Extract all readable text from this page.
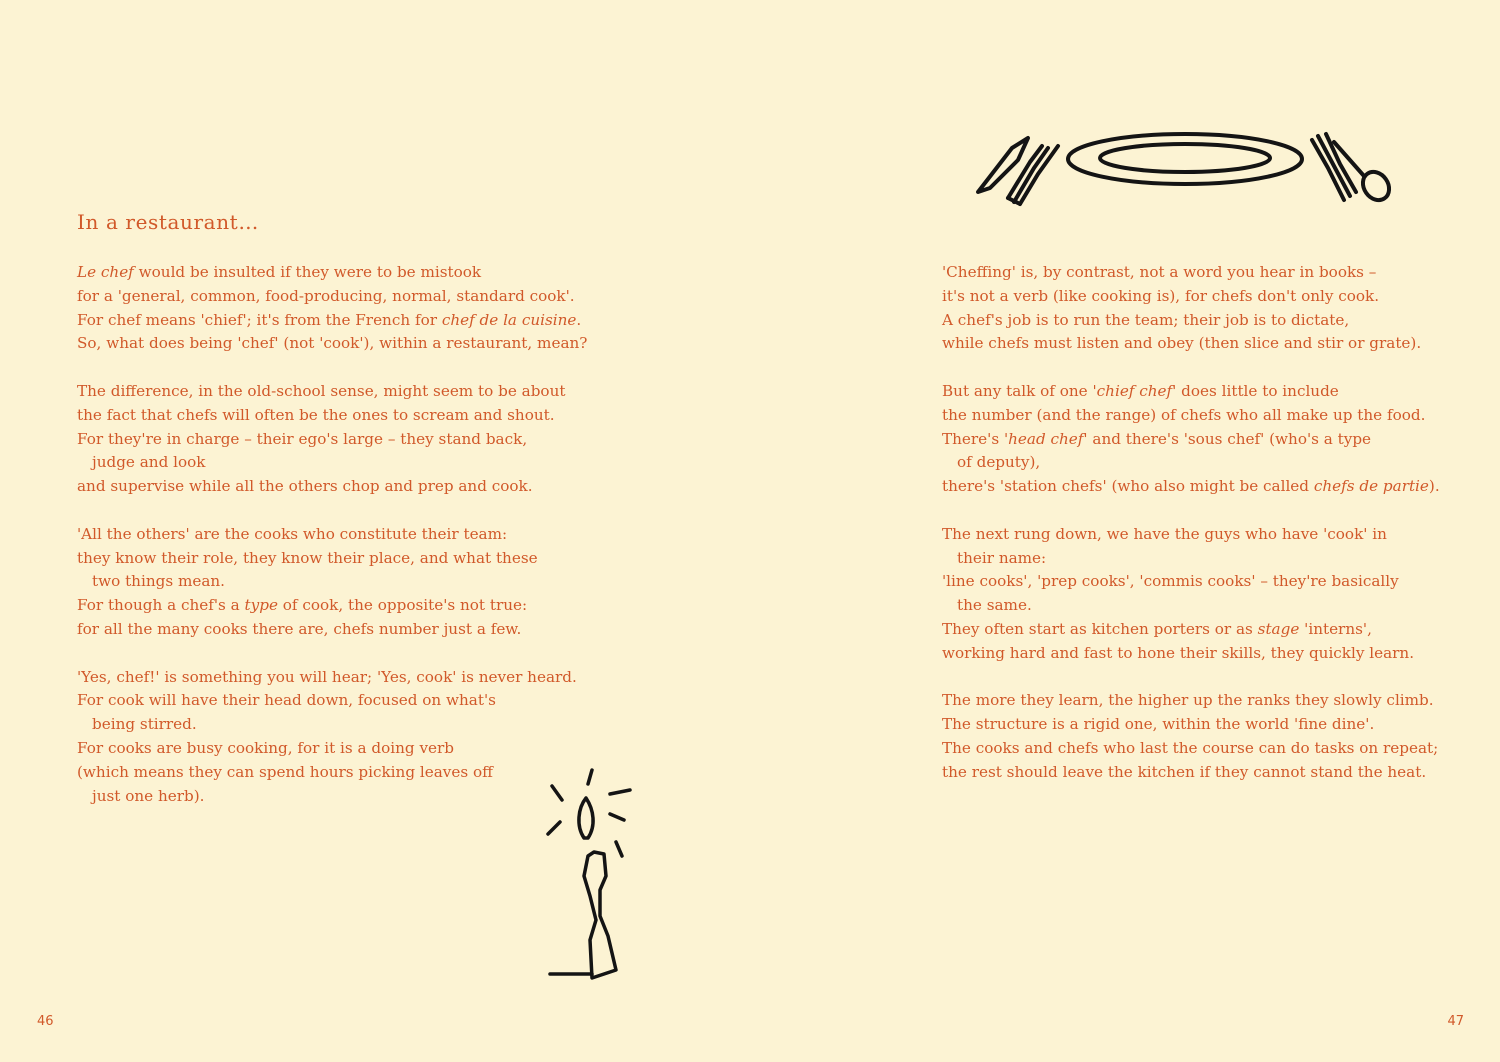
In a restaurant…

Le chef would be insulted if they were to be mistook
for a 'general, common, food-producing, normal, standard cook'.
For chef means 'chief'; it's from the French for chef de la cuisine.
So, what does being 'chef' (not 'cook'), within a restaurant, mean?

The difference, in the old-school sense, might seem to be about
the fact that chefs will often be the ones to scream and shout.
For they're in charge – their ego's large – they stand back,
judge and look
and supervise while all the others chop and prep and cook.

'All the others' are the cooks who constitute their team:
they know their role, they know their place, and what these
two things mean.
For though a chef's a type of cook, the opposite's not true:
for all the many cooks there are, chefs number just a few.

'Yes, chef!' is something you will hear; 'Yes, cook' is never heard.
For cook will have their head down, focused on what's
being stirred.
For cooks are busy cooking, for it is a doing verb
(which means they can spend hours picking leaves off
just one herb).

'Cheffing' is, by contrast, not a word you hear in books –
it's not a verb (like cooking is), for chefs don't only cook.
A chef's job is to run the team; their job is to dictate,
while chefs must listen and obey (then slice and stir or grate).

But any talk of one 'chief chef' does little to include
the number (and the range) of chefs who all make up the food.
There's 'head chef' and there's 'sous chef' (who's a type
of deputy),
there's 'station chefs' (who also might be called chefs de partie).

The next rung down, we have the guys who have 'cook' in
their name:
'line cooks', 'prep cooks', 'commis cooks' – they're basically
the same.
They often start as kitchen porters or as stage 'interns',
working hard and fast to hone their skills, they quickly learn.

The more they learn, the higher up the ranks they slowly climb.
The structure is a rigid one, within the world 'fine dine'.
The cooks and chefs who last the course can do tasks on repeat;
the rest should leave the kitchen if they cannot stand the heat.

46	47
